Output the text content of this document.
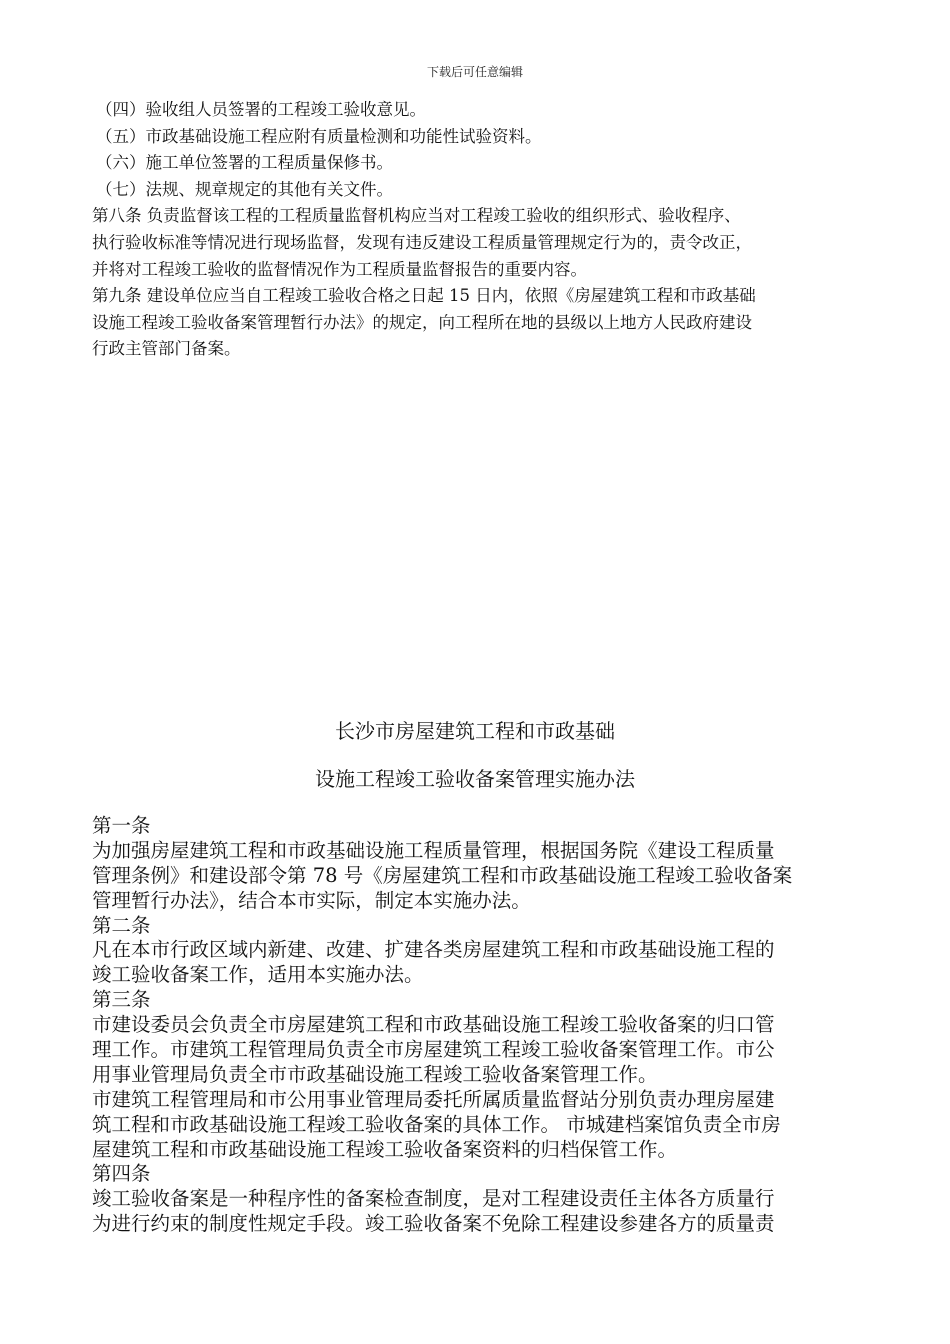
下载后可任意编辑
（四）验收组人员签署的工程竣工验收意见。
（五）市政基础设施工程应附有质量检测和功能性试验资料。
（六）施工单位签署的工程质量保修书。
（七）法规、规章规定的其他有关文件。
第八条 负责监督该工程的工程质量监督机构应当对工程竣工验收的组织形式、验收程序、
执行验收标准等情况进行现场监督，发现有违反建设工程质量管理规定行为的，责令改正，
并将对工程竣工验收的监督情况作为工程质量监督报告的重要内容。
第九条 建设单位应当自工程竣工验收合格之日起 15 日内，依照《房屋建筑工程和市政基础
设施工程竣工验收备案管理暂行办法》的规定，向工程所在地的县级以上地方人民政府建设
行政主管部门备案。
长沙市房屋建筑工程和市政基础
设施工程竣工验收备案管理实施办法
第一条
为加强房屋建筑工程和市政基础设施工程质量管理，根据国务院《建设工程质量
管理条例》和建设部令第 78 号《房屋建筑工程和市政基础设施工程竣工验收备案
管理暂行办法》，结合本市实际，制定本实施办法。
第二条
凡在本市行政区域内新建、改建、扩建各类房屋建筑工程和市政基础设施工程的
竣工验收备案工作，适用本实施办法。
第三条
市建设委员会负责全市房屋建筑工程和市政基础设施工程竣工验收备案的归口管
理工作。市建筑工程管理局负责全市房屋建筑工程竣工验收备案管理工作。市公
用事业管理局负责全市市政基础设施工程竣工验收备案管理工作。
市建筑工程管理局和市公用事业管理局委托所属质量监督站分别负责办理房屋建
筑工程和市政基础设施工程竣工验收备案的具体工作。 市城建档案馆负责全市房
屋建筑工程和市政基础设施工程竣工验收备案资料的归档保管工作。
第四条
竣工验收备案是一种程序性的备案检查制度，是对工程建设责任主体各方质量行
为进行约束的制度性规定手段。竣工验收备案不免除工程建设参建各方的质量责
